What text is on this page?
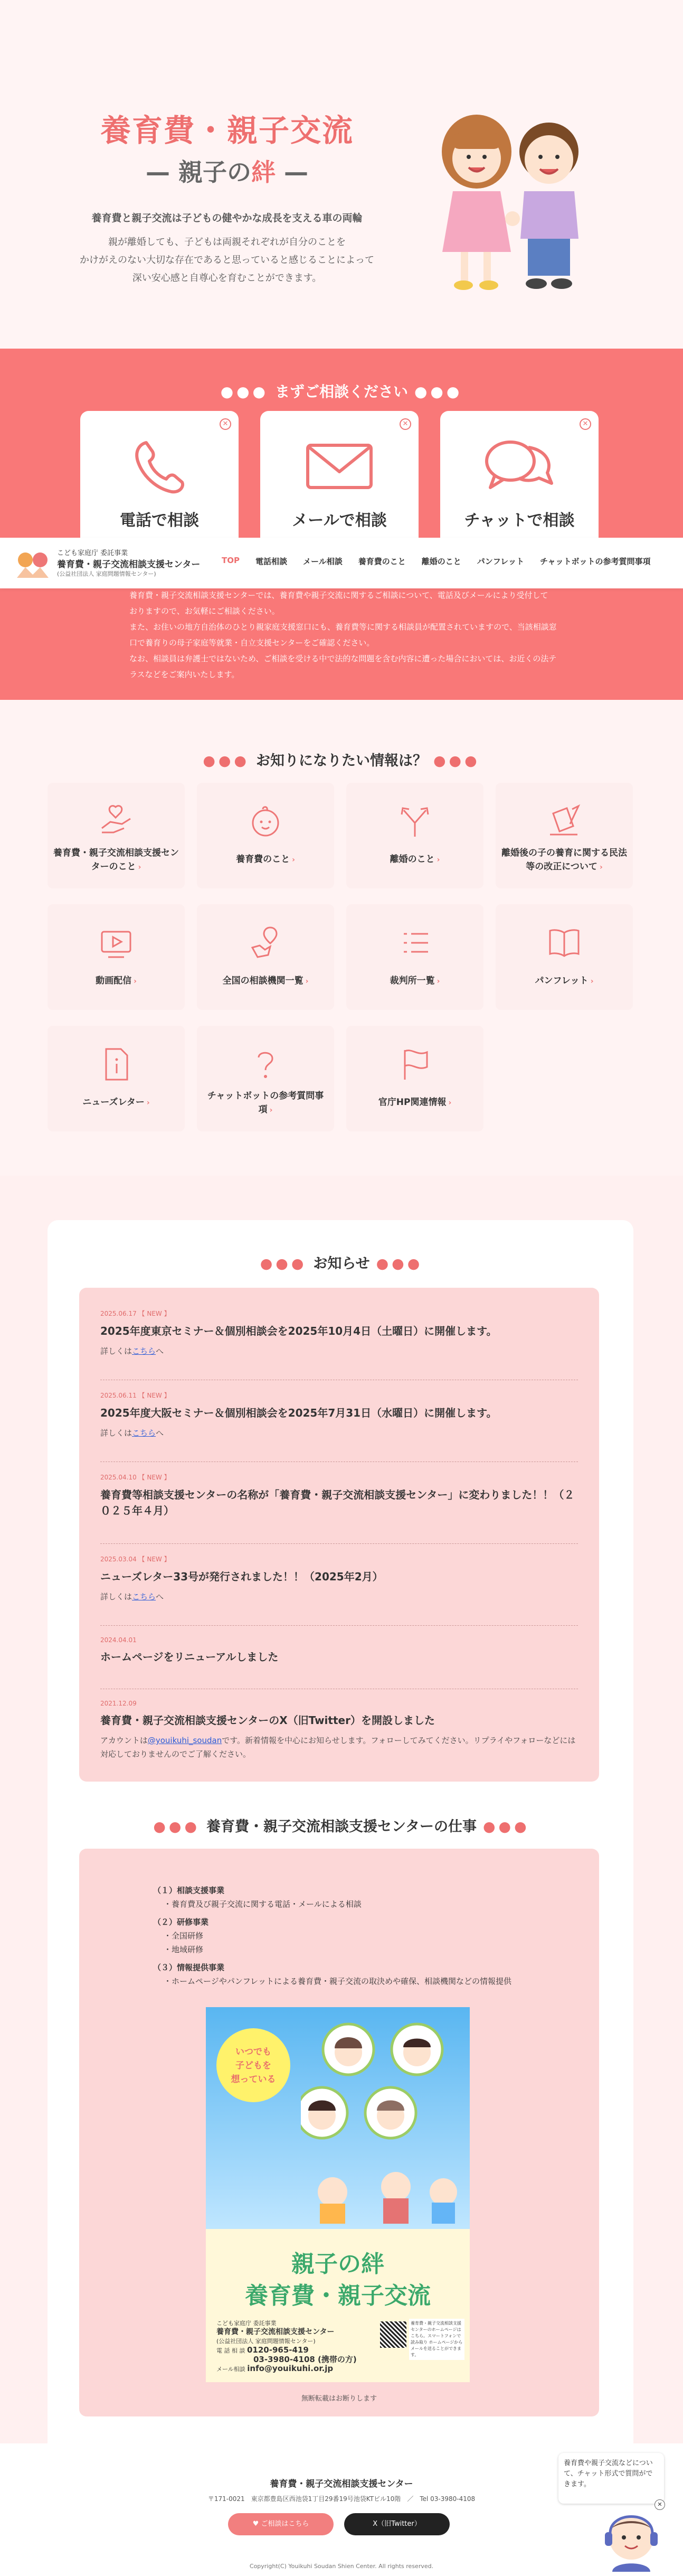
養育費・親子交流
— 親子の絆 —

養育費と親子交流は子どもの健やかな成長を支える車の両輪

親が離婚しても、子どもは両親それぞれが自分のことを
かけがえのない大切な存在であると思っていると感じることによって
深い安心感と自尊心を育むことができます。
●●● まずご相談ください ●●●
✕
電話で相談
✕
メールで相談
✕
チャットで相談
養育費・親子交流相談支援センターでは、養育費や親子交流に関するご相談について、電話及びメールにより受付して
おりますので、お気軽にご相談ください。
また、お住いの地方自治体のひとり親家庭支援窓口にも、養育費等に関する相談員が配置されていますので、当該相談窓
口で養育りの母子家庭等就業・自立支援センターをご確認ください。
なお、相談員は弁護士ではないため、ご相談を受ける中で法的な問題を含む内容に遭った場合においては、お近くの法テ
ラスなどをご案内いたします。
こども家庭庁 委託事業
養育費・親子交流相談支援センター
(公益社団法人 家庭問題情報センター)
TOP 電話相談 メール相談 養育費のこと 離婚のこと パンフレット チャットボットの参考質問事項
●●● お知りになりたい情報は？ ●●●
養育費・親子交流相談支援センターのこと ›
養育費のこと ›	離婚のこと ›
離婚後の子の養育に関する民法等の改正について ›
動画配信 ›	全国の相談機関一覧 ›	裁判所一覧 ›	パンフレット ›
ニューズレター ›
チャットボットの参考質問事項 ›
官庁HP関連情報 ›
●●● お知らせ ●●●
2025.06.17 【 NEW 】
2025年度東京セミナー＆個別相談会を2025年10月4日（土曜日）に開催します。
詳しくはこちらへ
2025.06.11 【 NEW 】
2025年度大阪セミナー＆個別相談会を2025年7月31日（水曜日）に開催します。
詳しくはこちらへ
2025.04.10 【 NEW 】
養育費等相談支援センターの名称が「養育費・親子交流相談支援センター」に変わりました！！（２０２５年４月）
2025.03.04 【 NEW 】
ニューズレター33号が発行されました！！（2025年2月）
詳しくはこちらへ
2024.04.01
ホームページをリニューアルしました
2021.12.09
養育費・親子交流相談支援センターのX（旧Twitter）を開設しました
アカウントは@youikuhi_soudanです。新着情報を中心にお知らせします。フォローしてみてください。リプライやフォローなどには対応しておりませんのでご了解ください。
●●● 養育費・親子交流相談支援センターの仕事 ●●●
（１）相談支援事業
・養育費及び親子交流に関する電話・メールによる相談
（２）研修事業
・全国研修
・地域研修
（３）情報提供事業
・ホームページやパンフレットによる養育費・親子交流の取決めや確保、相談機関などの情報提供
いつでも
子どもを
想っている
親子の絆
養育費・親子交流
こども家庭庁 委託事業
養育費・親子交流相談支援センター
(公益社団法人 家庭問題情報センター)
電 話 相 談 0120-965-419
03-3980-4108 (携帯の方)
メール相談 info@youikuhi.or.jp
養育費・親子交流相談支援センターのホームページはこちら。スマートフォンで読み取り ホームページからメールを送ることができます。
無断転載はお断りします
養育費・親子交流相談支援センター
〒171-0021　東京都豊島区西池袋1丁目29番19号池袋KTビル10階　／　Tel 03-3980-4108
♥ ご相談はこちら	X（旧Twitter）
Copyright(C) Youikuhi Soudan Shien Center. All rights reserved.
養育費や親子交流などについて、チャット形式で質問ができます。
✕
